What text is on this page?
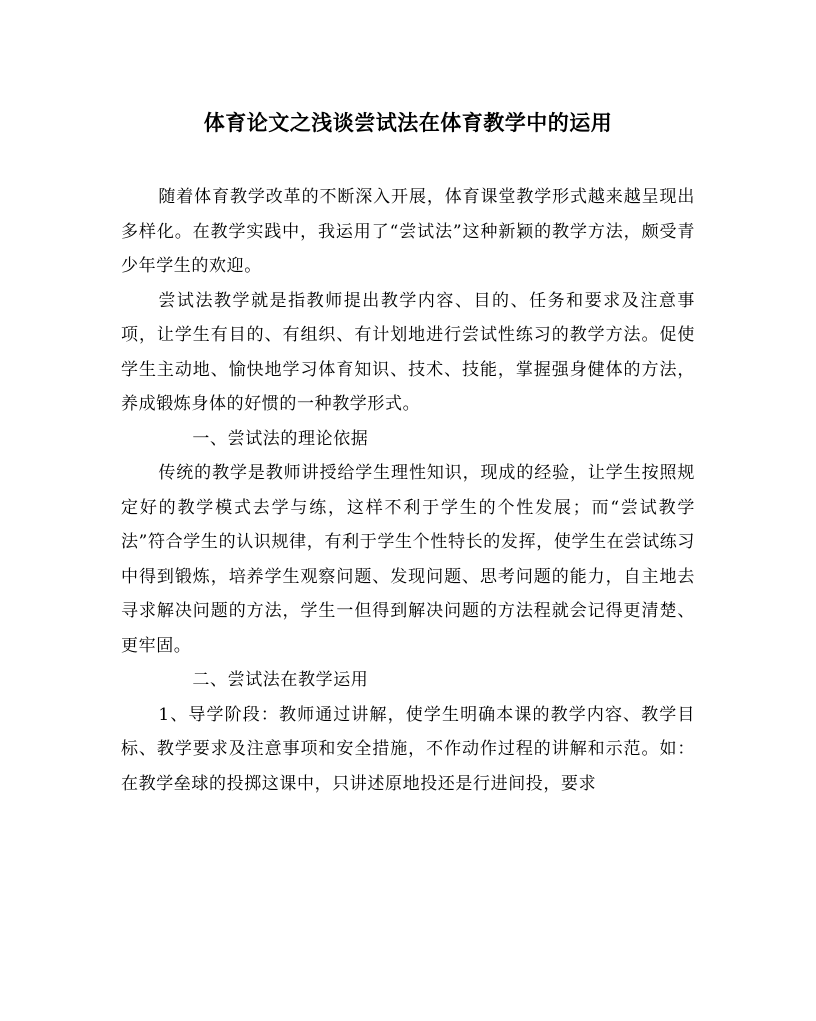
体育论文之浅谈尝试法在体育教学中的运用

随着体育教学改革的不断深入开展，体育课堂教学形式越来越呈现出多样化。在教学实践中，我运用了“尝试法”这种新颖的教学方法，颇受青少年学生的欢迎。

尝试法教学就是指教师提出教学内容、目的、任务和要求及注意事项，让学生有目的、有组织、有计划地进行尝试性练习的教学方法。促使学生主动地、愉快地学习体育知识、技术、技能，掌握强身健体的方法，养成锻炼身体的好惯的一种教学形式。

一、尝试法的理论依据

传统的教学是教师讲授给学生理性知识，现成的经验，让学生按照规定好的教学模式去学与练，这样不利于学生的个性发展；而“尝试教学法”符合学生的认识规律，有利于学生个性特长的发挥，使学生在尝试练习中得到锻炼，培养学生观察问题、发现问题、思考问题的能力，自主地去寻求解决问题的方法，学生一但得到解决问题的方法程就会记得更清楚、更牢固。

二、尝试法在教学运用

1、导学阶段：教师通过讲解，使学生明确本课的教学内容、教学目标、教学要求及注意事项和安全措施，不作动作过程的讲解和示范。如：在教学垒球的投掷这课中，只讲述原地投还是行进间投，要求
